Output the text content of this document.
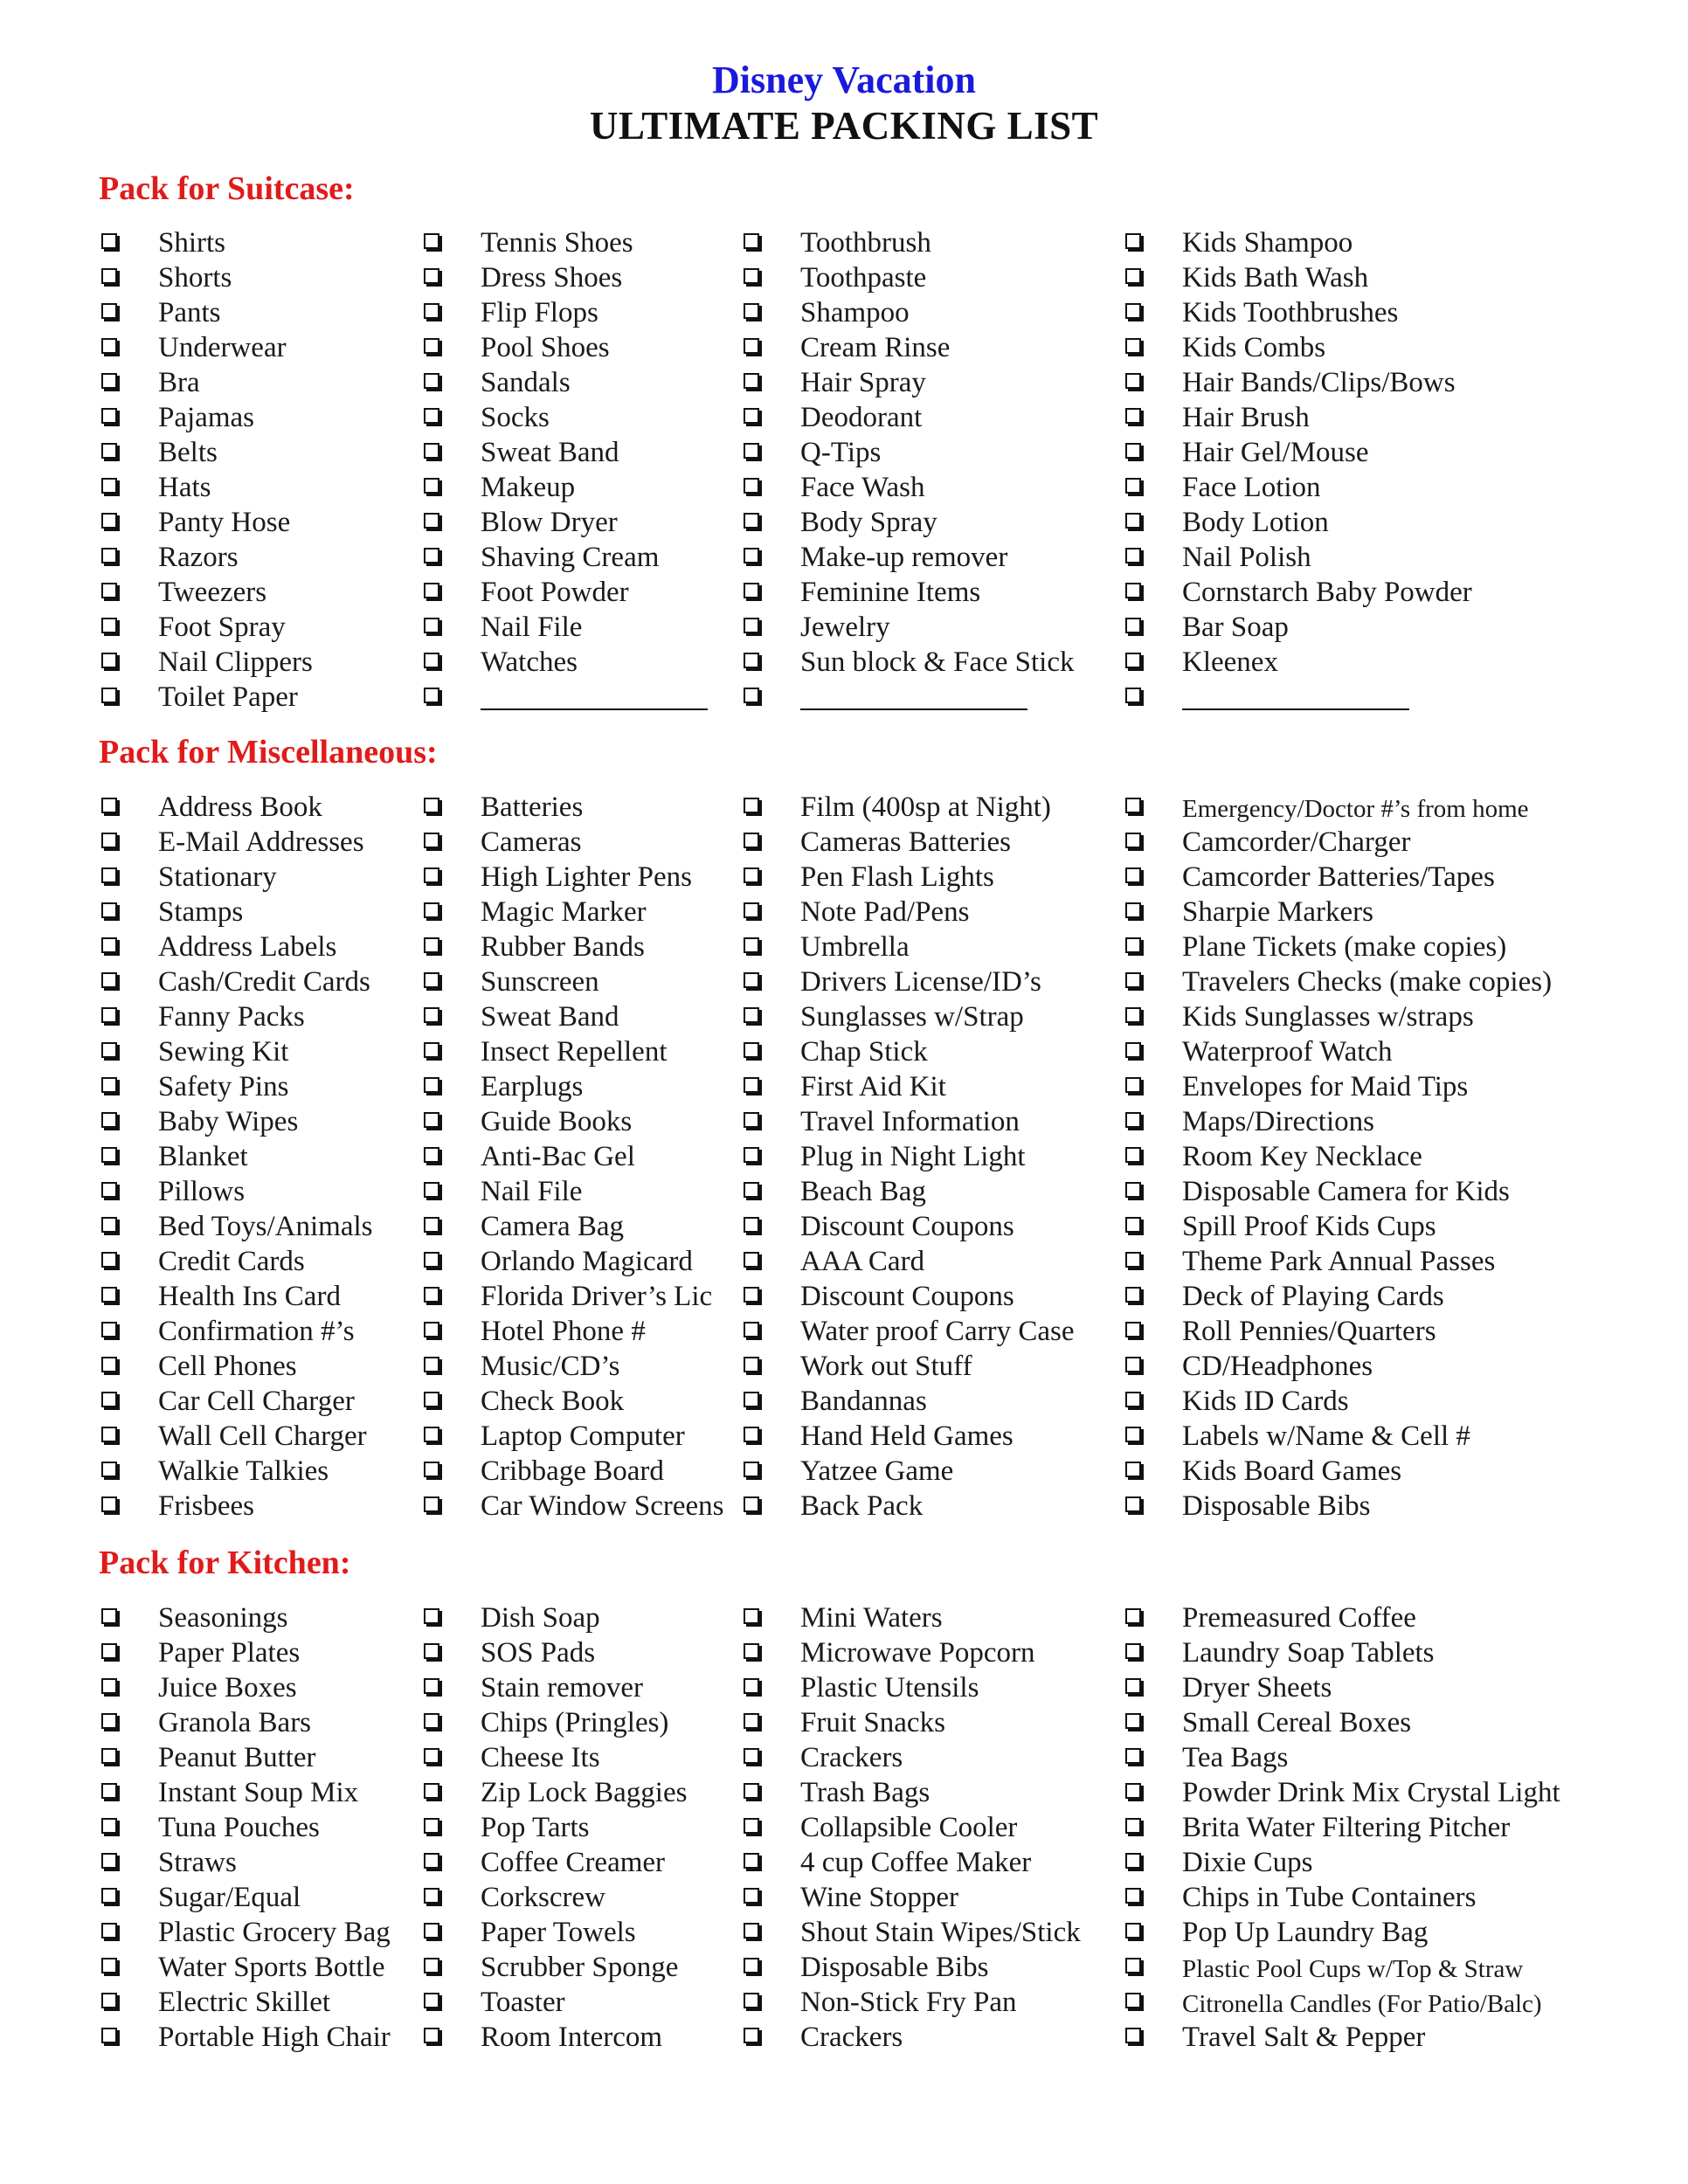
Disney Vacation
ULTIMATE PACKING LIST
Pack for Suitcase:
Shirts
Shorts
Pants
Underwear
Bra
Pajamas
Belts
Hats
Panty Hose
Razors
Tweezers
Foot Spray
Nail Clippers
Toilet Paper
Tennis Shoes
Dress Shoes
Flip Flops
Pool Shoes
Sandals
Socks
Sweat Band
Makeup
Blow Dryer
Shaving Cream
Foot Powder
Nail File
Watches
Toothbrush
Toothpaste
Shampoo
Cream Rinse
Hair Spray
Deodorant
Q-Tips
Face Wash
Body Spray
Make-up remover
Feminine Items
Jewelry
Sun block & Face Stick
Kids Shampoo
Kids Bath Wash
Kids Toothbrushes
Kids Combs
Hair Bands/Clips/Bows
Hair Brush
Hair Gel/Mouse
Face Lotion
Body Lotion
Nail Polish
Cornstarch Baby Powder
Bar Soap
Kleenex
Pack for Miscellaneous:
Address Book
E-Mail Addresses
Stationary
Stamps
Address Labels
Cash/Credit Cards
Fanny Packs
Sewing Kit
Safety Pins
Baby Wipes
Blanket
Pillows
Bed Toys/Animals
Credit Cards
Health Ins Card
Confirmation #’s
Cell Phones
Car Cell Charger
Wall Cell Charger
Walkie Talkies
Frisbees
Batteries
Cameras
High Lighter Pens
Magic Marker
Rubber Bands
Sunscreen
Sweat Band
Insect Repellent
Earplugs
Guide Books
Anti-Bac Gel
Nail File
Camera Bag
Orlando Magicard
Florida Driver’s Lic
Hotel Phone #
Music/CD’s
Check Book
Laptop Computer
Cribbage Board
Car Window Screens
Film (400sp at Night)
Cameras Batteries
Pen Flash Lights
Note Pad/Pens
Umbrella
Drivers License/ID’s
Sunglasses w/Strap
Chap Stick
First Aid Kit
Travel Information
Plug in Night Light
Beach Bag
Discount Coupons
AAA Card
Discount Coupons
Water proof Carry Case
Work out Stuff
Bandannas
Hand Held Games
Yatzee Game
Back Pack
Emergency/Doctor #’s from home
Camcorder/Charger
Camcorder Batteries/Tapes
Sharpie Markers
Plane Tickets (make copies)
Travelers Checks (make copies)
Kids Sunglasses w/straps
Waterproof Watch
Envelopes for Maid Tips
Maps/Directions
Room Key Necklace
Disposable Camera for Kids
Spill Proof Kids Cups
Theme Park Annual Passes
Deck of Playing Cards
Roll Pennies/Quarters
CD/Headphones
Kids ID Cards
Labels w/Name & Cell #
Kids Board Games
Disposable Bibs
Pack for Kitchen:
Seasonings
Paper Plates
Juice Boxes
Granola Bars
Peanut Butter
Instant Soup Mix
Tuna Pouches
Straws
Sugar/Equal
Plastic Grocery Bag
Water Sports Bottle
Electric Skillet
Portable High Chair
Dish Soap
SOS Pads
Stain remover
Chips (Pringles)
Cheese Its
Zip Lock Baggies
Pop Tarts
Coffee Creamer
Corkscrew
Paper Towels
Scrubber Sponge
Toaster
Room Intercom
Mini Waters
Microwave Popcorn
Plastic Utensils
Fruit Snacks
Crackers
Trash Bags
Collapsible Cooler
4 cup Coffee Maker
Wine Stopper
Shout Stain Wipes/Stick
Disposable Bibs
Non-Stick Fry Pan
Crackers
Premeasured Coffee
Laundry Soap Tablets
Dryer Sheets
Small Cereal Boxes
Tea Bags
Powder Drink Mix Crystal Light
Brita Water Filtering Pitcher
Dixie Cups
Chips in Tube Containers
Pop Up Laundry Bag
Plastic Pool Cups w/Top & Straw
Citronella Candles (For Patio/Balc)
Travel Salt & Pepper
